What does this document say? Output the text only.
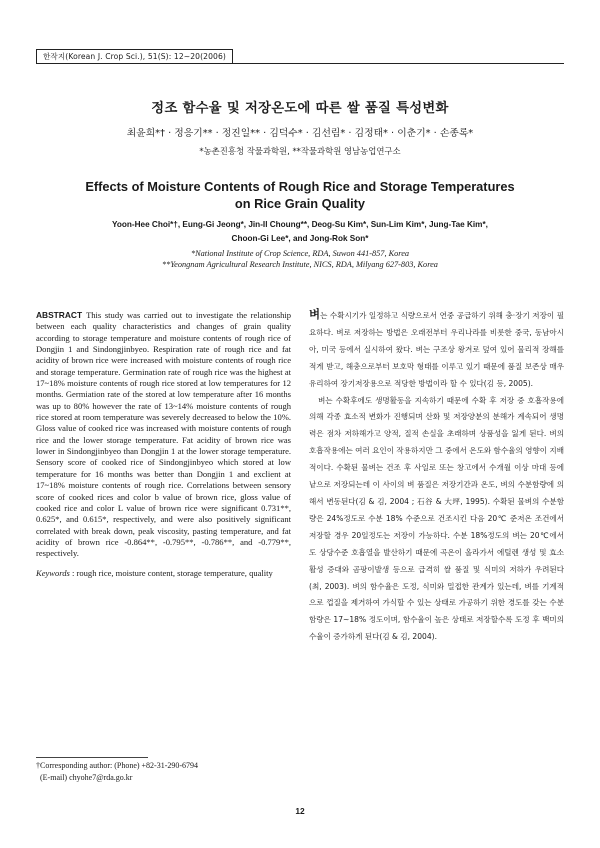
한작지(Korean J. Crop Sci.), 51(S): 12~20(2006)
정조 함수율 및 저장온도에 따른 쌀 품질 특성변화
최윤희*† · 정응기** · 정진일** · 김덕수* · 김선림* · 김정태* · 이춘기* · 손종록*
*농촌진흥청 작물과학원, **작물과학원 영남농업연구소
Effects of Moisture Contents of Rough Rice and Storage Temperatures
on Rice Grain Quality
Yoon-Hee Choi*†, Eung-Gi Jeong*, Jin-Il Choung**, Deog-Su Kim*, Sun-Lim Kim*, Jung-Tae Kim*,
Choon-Gi Lee*, and Jong-Rok Son*
*National Institute of Crop Science, RDA, Suwon 441-857, Korea
**Yeongnam Agricultural Research Institute, NICS, RDA, Milyang 627-803, Korea
ABSTRACT This study was carried out to investigate the relationship between each quality characteristics and changes of grain quality according to storage temperature and moisture contents of rough rice of Dongjin 1 and Sindongjinbyeo. Respiration rate of rough rice and fat acidity of brown rice were increased with moisture contents of rough rice and storage temperature. Germination rate of rough rice was the highest at 17~18% moisture contents of rough rice stored at low temperatures for 12 months. Germiation rate of the stored at low temperature after 16 months was up to 80% however the rate of 13~14% moisture contents of rough rice stored at room temperature was severely decreased to below the 10%. Gloss value of cooked rice was increased with moisture contents of rough rice and the lower storage temperature. Fat acidity of brown rice was lower in Sindongjinbyeo than Dongjin 1 at the lower storage temperature. Sensory score of cooked rice of Sindongjinbyeo which stored at low temperature for 16 months was better than Dongjin 1 and exclient at 17~18% moisture contents of rough rice. Correlations between sensory score of cooked rices and color b value of brown rice, gloss value of cooked rice and color L value of brown rice were significant 0.731**, 0.625*, and 0.615*, respectively, and were also positively significant correlated with break down, peak viscosity, pasting temperature, and fat acidity of brown rice -0.864**, -0.795**, -0.786**, and -0.779**, respectively.
Keywords : rough rice, moisture content, storage temperature, quality
†Corresponding author: (Phone) +82-31-290-6794
(E-mail) chyohe7@rda.go.kr

벼는 수확시기가 일정하고 식량으로서 연중 공급하기 위해 충·장기 저장이 필요하다. 벼로 저장하는 방법은 오래전부터 우리나라를 비롯한 중국, 동남아시아, 미국 등에서 실시하여 왔다. 벼는 구조상 왕겨로 덮여 있어 물리적 장해를 적게 받고, 해충으로부터 보호막 형태를 이루고 있기 때문에 품질 보존상 매우 유리하여 장기저장용으로 적당한 방법이라 할 수 있다(김 등, 2005).

벼는 수확후에도 생명활동을 지속하기 때문에 수확 후 저장 중 호흡작용에 의해 각종 효소적 변화가 진행되며 산화 및 저장양분의 분해가 계속되어 생명력은 점차 저하해가고 양적, 질적 손실을 초래하며 상품성을 잃게 된다. 벼의 호흡작용에는 여러 요인이 작용하지만 그 중에서 온도와 함수율의 영향이 지배적이다. 수확된 물벼는 건조 후 사일로 또는 창고에서 수개월 이상 마대 등에 낱으로 저장되는데 이 사이의 벼 품질은 저장기간과 온도, 벼의 수분함량에 의해서 변동된다(김 & 김, 2004 ; 石谷 & 大坪, 1995). 수확된 물벼의 수분함량은 24%정도로 수분 18% 수준으로 건조시킨 다음 20℃ 준저온 조건에서 저장할 경우 20일정도는 저장이 가능하다. 수분 18%정도의 벼는 20℃에서도 상당수준 호흡열을 발산하기 때문에 곡온이 올라가서 에틸렌 생성 및 효소활성 증대와 곰팡이발생 등으로 급격히 쌀 품질 및 식미의 저하가 우려된다(최, 2003). 벼의 함수율은 도정, 식미와 밀접한 관계가 있는데, 벼를 기계적으로 껍질을 제거하여 가식할 수 있는 상태로 가공하기 위한 경도를 갖는 수분함량은 17~18% 정도이며, 함수율이 높은 상태로 저장할수록 도정 후 백미의 수율이 증가하게 된다(김 & 김, 2004).

12
